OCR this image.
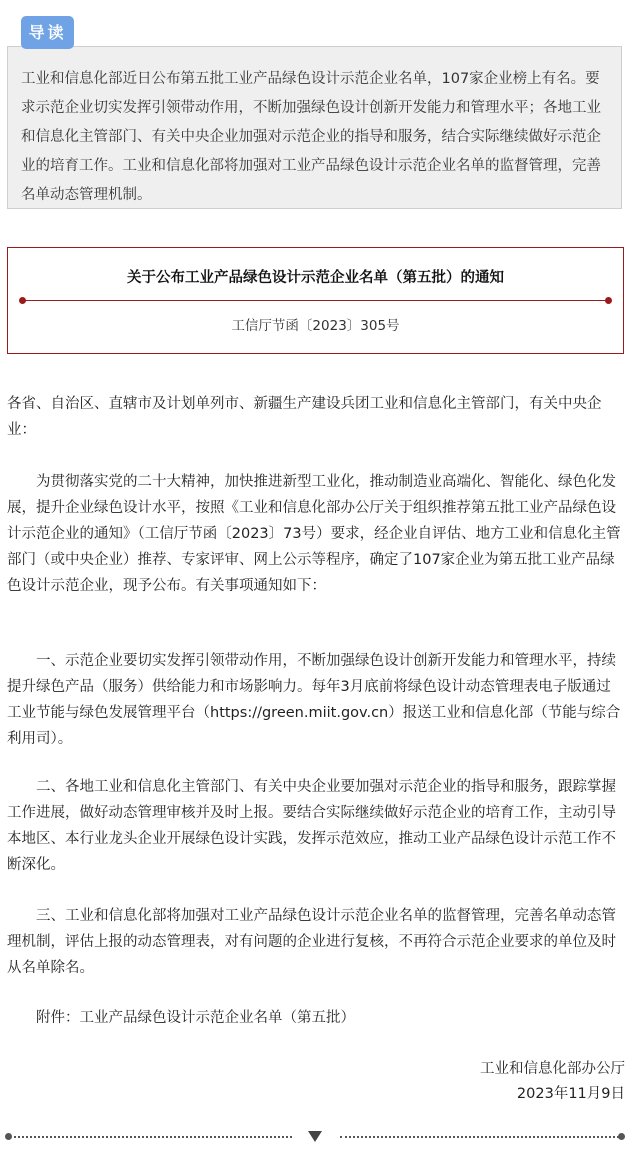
导读
工业和信息化部近日公布第五批工业产品绿色设计示范企业名单，107家企业榜上有名。要求示范企业切实发挥引领带动作用，不断加强绿色设计创新开发能力和管理水平；各地工业和信息化主管部门、有关中央企业加强对示范企业的指导和服务，结合实际继续做好示范企业的培育工作。工业和信息化部将加强对工业产品绿色设计示范企业名单的监督管理，完善名单动态管理机制。
关于公布工业产品绿色设计示范企业名单（第五批）的通知
工信厅节函〔2023〕305号
各省、自治区、直辖市及计划单列市、新疆生产建设兵团工业和信息化主管部门，有关中央企业：
为贯彻落实党的二十大精神，加快推进新型工业化，推动制造业高端化、智能化、绿色化发展，提升企业绿色设计水平，按照《工业和信息化部办公厅关于组织推荐第五批工业产品绿色设计示范企业的通知》（工信厅节函〔2023〕73号）要求，经企业自评估、地方工业和信息化主管部门（或中央企业）推荐、专家评审、网上公示等程序，确定了107家企业为第五批工业产品绿色设计示范企业，现予公布。有关事项通知如下：
一、示范企业要切实发挥引领带动作用，不断加强绿色设计创新开发能力和管理水平，持续提升绿色产品（服务）供给能力和市场影响力。每年3月底前将绿色设计动态管理表电子版通过工业节能与绿色发展管理平台（https://green.miit.gov.cn）报送工业和信息化部（节能与综合利用司）。
二、各地工业和信息化主管部门、有关中央企业要加强对示范企业的指导和服务，跟踪掌握工作进展，做好动态管理审核并及时上报。要结合实际继续做好示范企业的培育工作，主动引导本地区、本行业龙头企业开展绿色设计实践，发挥示范效应，推动工业产品绿色设计示范工作不断深化。
三、工业和信息化部将加强对工业产品绿色设计示范企业名单的监督管理，完善名单动态管理机制，评估上报的动态管理表，对有问题的企业进行复核，不再符合示范企业要求的单位及时从名单除名。
附件：工业产品绿色设计示范企业名单（第五批）
工业和信息化部办公厅
2023年11月9日
